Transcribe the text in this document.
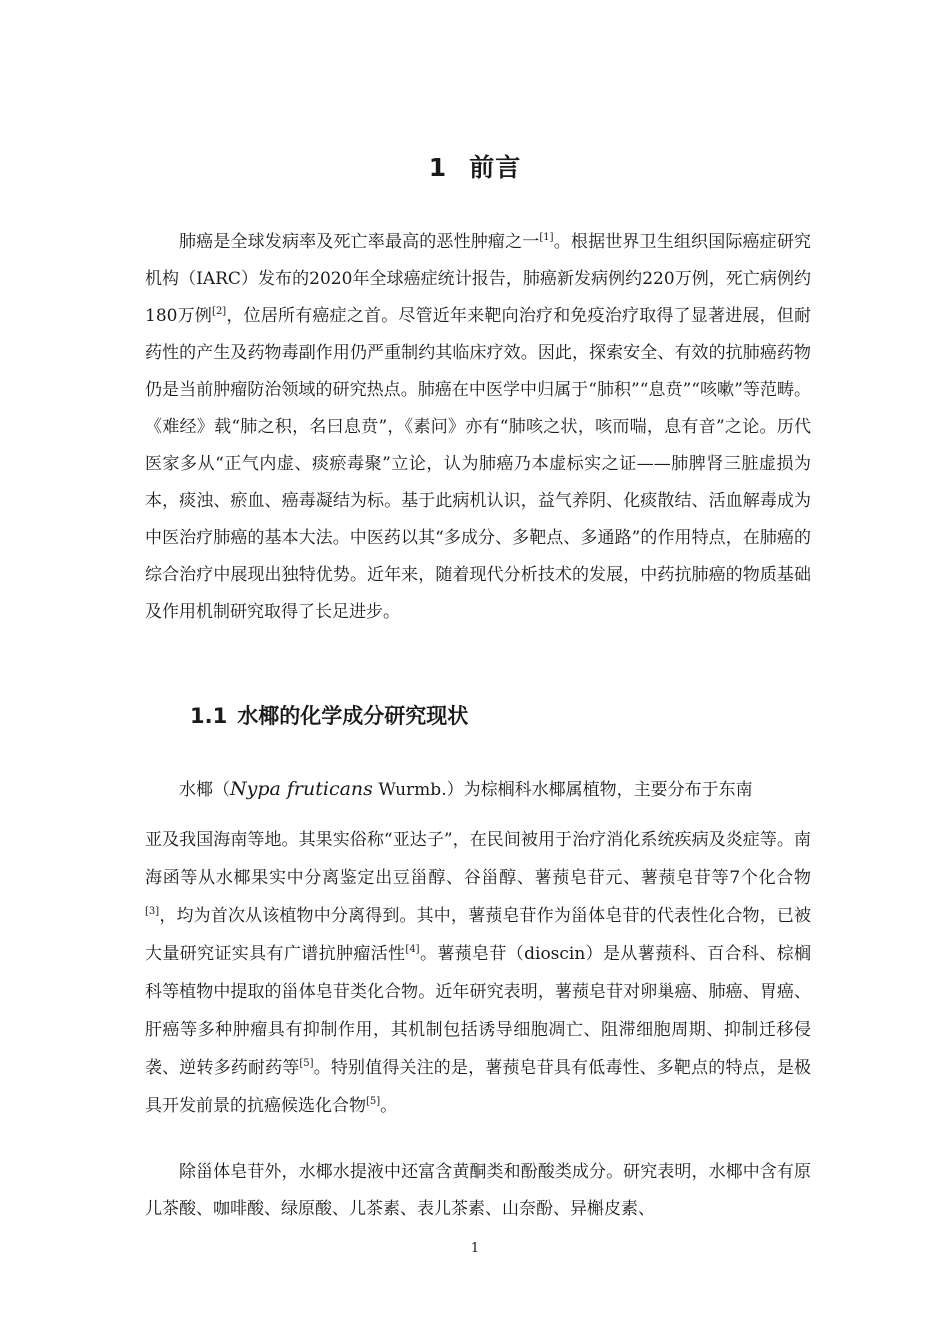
1 前言

肺癌是全球发病率及死亡率最高的恶性肿瘤之一[1]。根据世界卫生组织国际癌症研究机构（IARC）发布的2020年全球癌症统计报告，肺癌新发病例约220万例，死亡病例约180万例[2]，位居所有癌症之首。尽管近年来靶向治疗和免疫治疗取得了显著进展，但耐药性的产生及药物毒副作用仍严重制约其临床疗效。因此，探索安全、有效的抗肺癌药物仍是当前肿瘤防治领域的研究热点。肺癌在中医学中归属于“肺积”“息贲”“咳嗽”等范畴。《难经》载“肺之积，名曰息贲”，《素问》亦有“肺咳之状，咳而喘，息有音”之论。历代医家多从“正气内虚、痰瘀毒聚”立论，认为肺癌乃本虚标实之证——肺脾肾三脏虚损为本，痰浊、瘀血、癌毒凝结为标。基于此病机认识，益气养阴、化痰散结、活血解毒成为中医治疗肺癌的基本大法。中医药以其“多成分、多靶点、多通路”的作用特点，在肺癌的综合治疗中展现出独特优势。近年来，随着现代分析技术的发展，中药抗肺癌的物质基础及作用机制研究取得了长足进步。

1.1 水椰的化学成分研究现状

水椰（Nypa fruticans Wurmb.）为棕榈科水椰属植物，主要分布于东南
亚及我国海南等地。其果实俗称“亚达子”，在民间被用于治疗消化系统疾病及炎症等。南海函等从水椰果实中分离鉴定出豆甾醇、谷甾醇、薯蓣皂苷元、薯蓣皂苷等7个化合物[3]，均为首次从该植物中分离得到。其中，薯蓣皂苷作为甾体皂苷的代表性化合物，已被大量研究证实具有广谱抗肿瘤活性[4]。薯蓣皂苷（dioscin）是从薯蓣科、百合科、棕榈科等植物中提取的甾体皂苷类化合物。近年研究表明，薯蓣皂苷对卵巢癌、肺癌、胃癌、肝癌等多种肿瘤具有抑制作用，其机制包括诱导细胞凋亡、阻滞细胞周期、抑制迁移侵袭、逆转多药耐药等[5]。特别值得关注的是，薯蓣皂苷具有低毒性、多靶点的特点，是极具开发前景的抗癌候选化合物[5]。

除甾体皂苷外，水椰水提液中还富含黄酮类和酚酸类成分。研究表明，水椰中含有原儿茶酸、咖啡酸、绿原酸、儿茶素、表儿茶素、山奈酚、异槲皮素、

1
